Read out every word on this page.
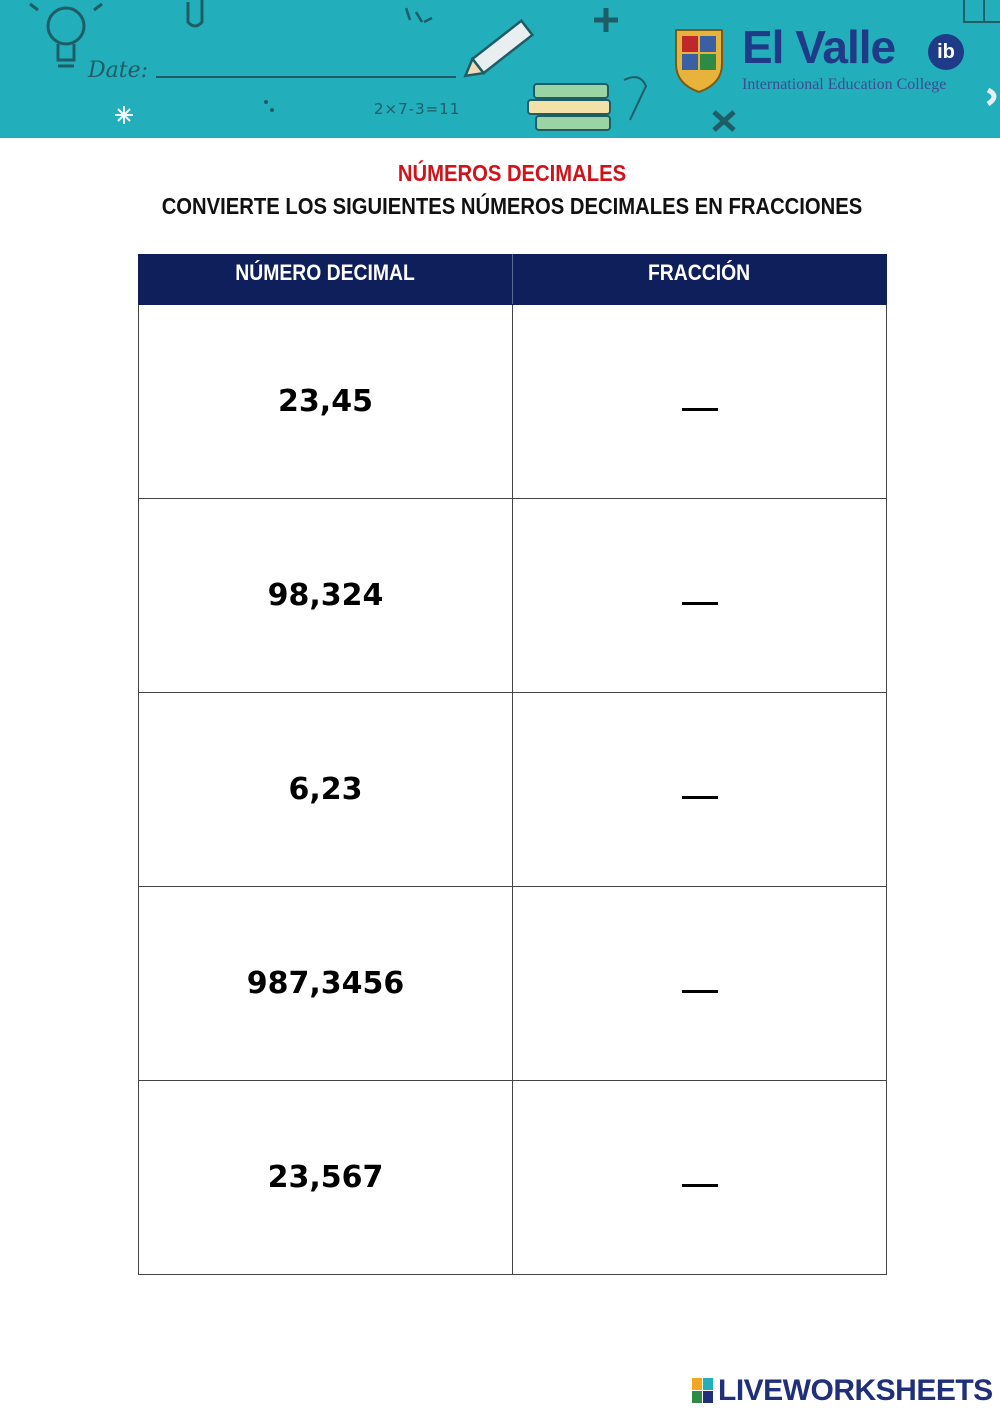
Date:
2×7-3=11
El Valle	ib
International Education College
NÚMEROS DECIMALES
CONVIERTE LOS SIGUIENTES NÚMEROS DECIMALES EN FRACCIONES
NÚMERO DECIMAL	FRACCIÓN
23,45	
98,324	
6,23	
987,3456	
23,567	
LIVEWORKSHEETS
